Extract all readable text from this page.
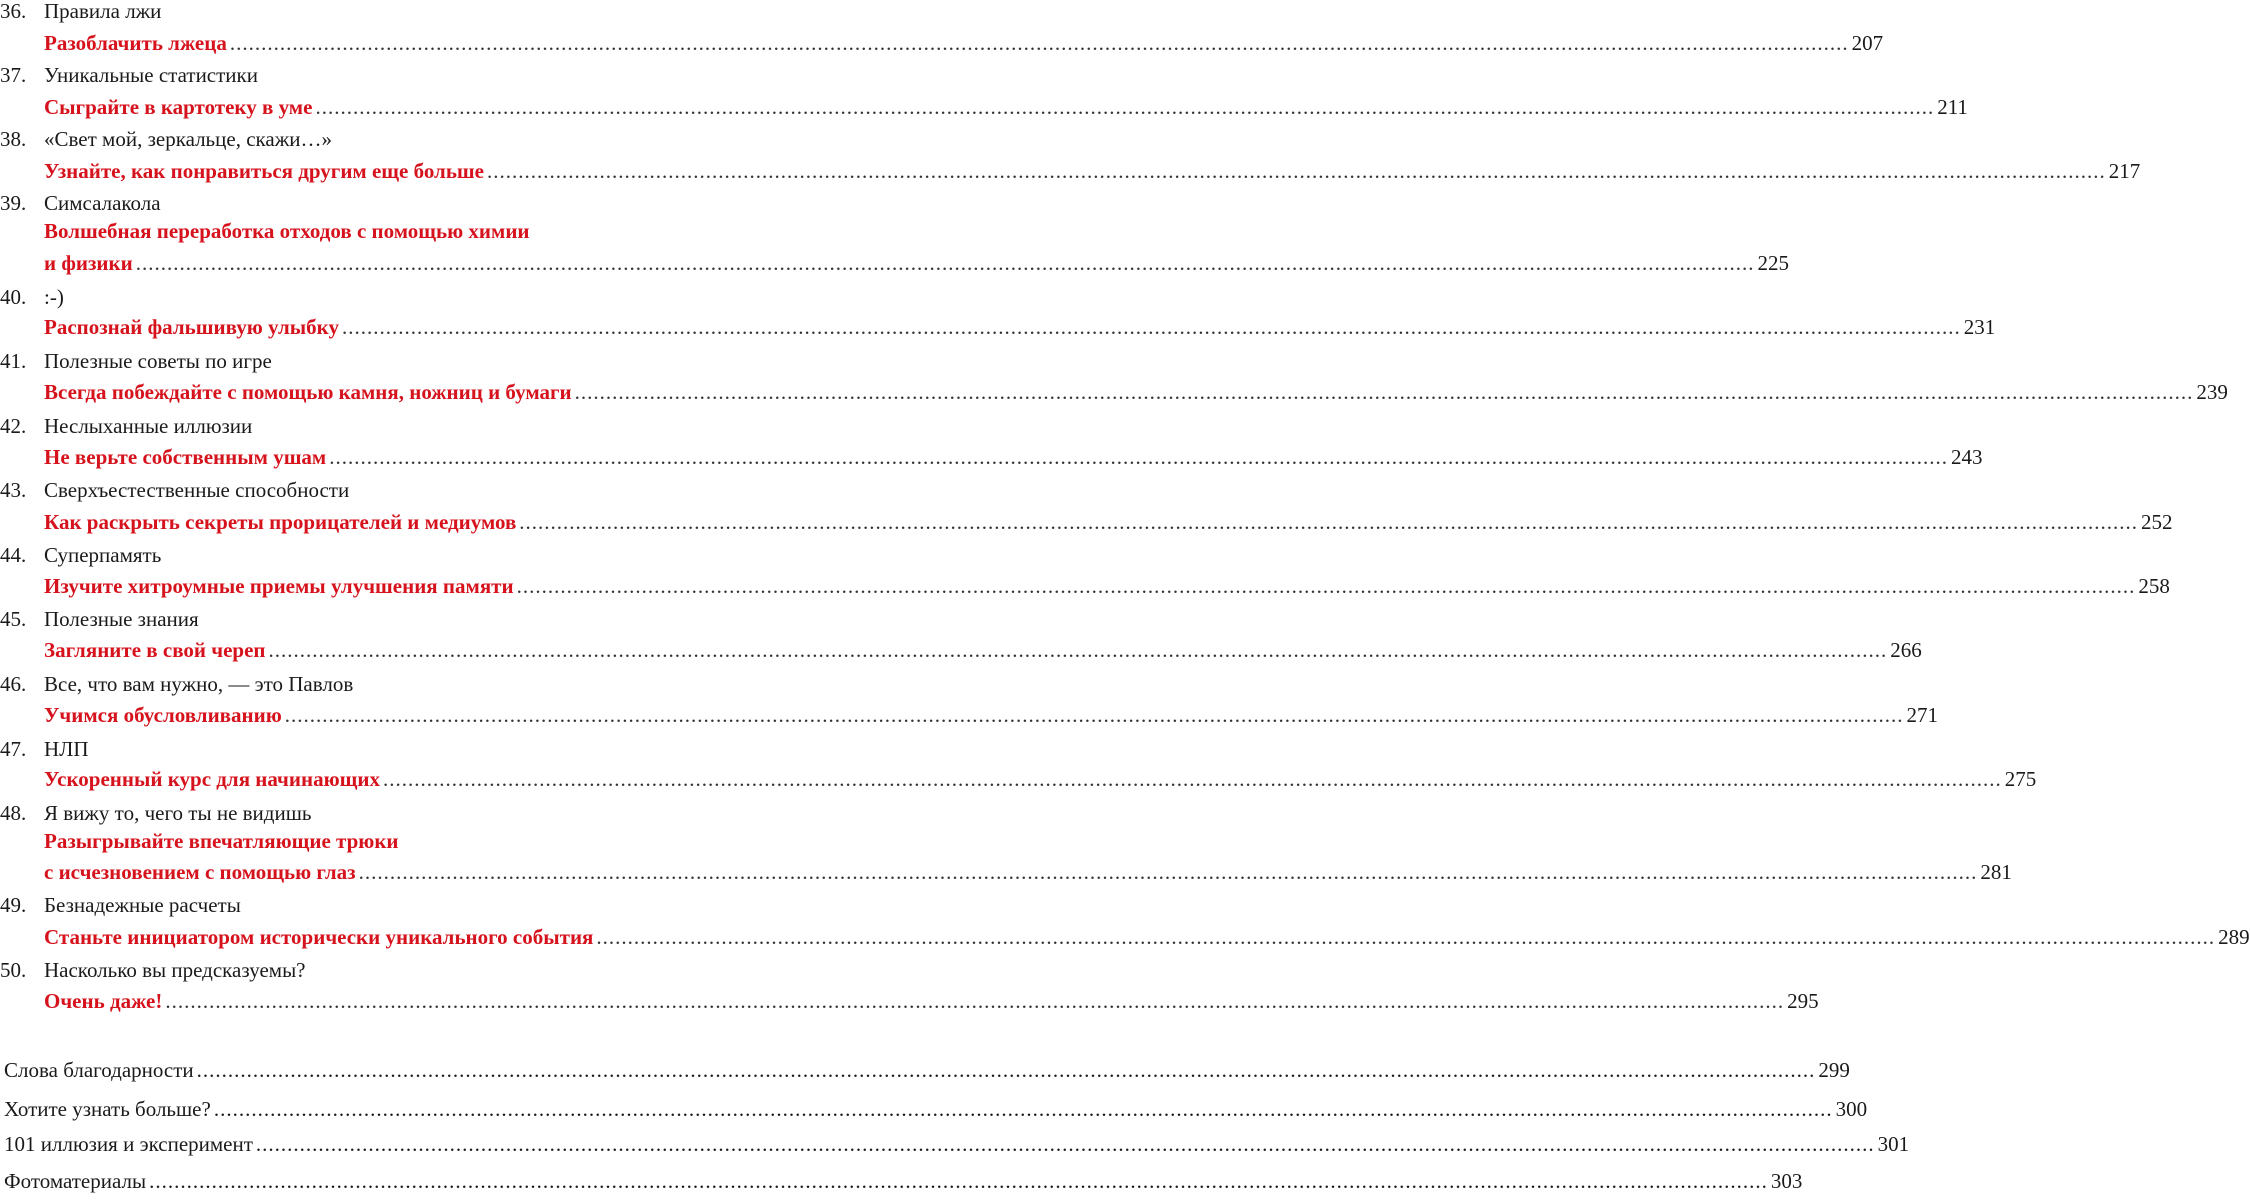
36. Правила лжи
Разоблачить лжеца .....	207
37. Уникальные статистики
Сыграйте в картотеку в уме .....	211
38. «Свет мой, зеркальце, скажи…»
Узнайте, как понравиться другим еще больше .....	217
39. Симсалакола
Волшебная переработка отходов с помощью химии
и физики .....	225
40. :-)
Распознай фальшивую улыбку .....	231
41. Полезные советы по игре
Всегда побеждайте с помощью камня, ножниц и бумаги .....	239
42. Неслыханные иллюзии
Не верьте собственным ушам .....	243
43. Сверхъестественные способности
Как раскрыть секреты прорицателей и медиумов .....	252
44. Суперпамять
Изучите хитроумные приемы улучшения памяти .....	258
45. Полезные знания
Загляните в свой череп .....	266
46. Все, что вам нужно, — это Павлов
Учимся обусловливанию .....	271
47. НЛП
Ускоренный курс для начинающих .....	275
48. Я вижу то, чего ты не видишь
Разыгрывайте впечатляющие трюки
с исчезновением с помощью глаз .....	281
49. Безнадежные расчеты
Станьте инициатором исторически уникального события .....	289
50. Насколько вы предсказуемы?
Очень даже! .....	295
Слова благодарности .....	299
Хотите узнать больше? .....	300
101 иллюзия и эксперимент .....	301
Фотоматериалы .....	303
